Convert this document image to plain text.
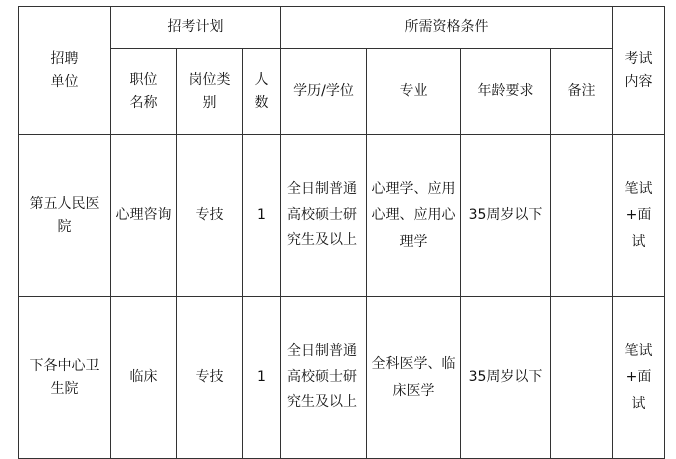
招聘单位	招考计划			所需资格条件				考试内容

	职位名称	岗位类别	人数	学历/学位	专业	年龄要求	备注	

第五人民医院	心理咨询	专技	1	全日制普通高校硕士研究生及以上	心理学、应用心理、应用心理学	35周岁以下		笔试+面试

下各中心卫生院	临床	专技	1	全日制普通高校硕士研究生及以上	全科医学、临床医学	35周岁以下		笔试+面试
